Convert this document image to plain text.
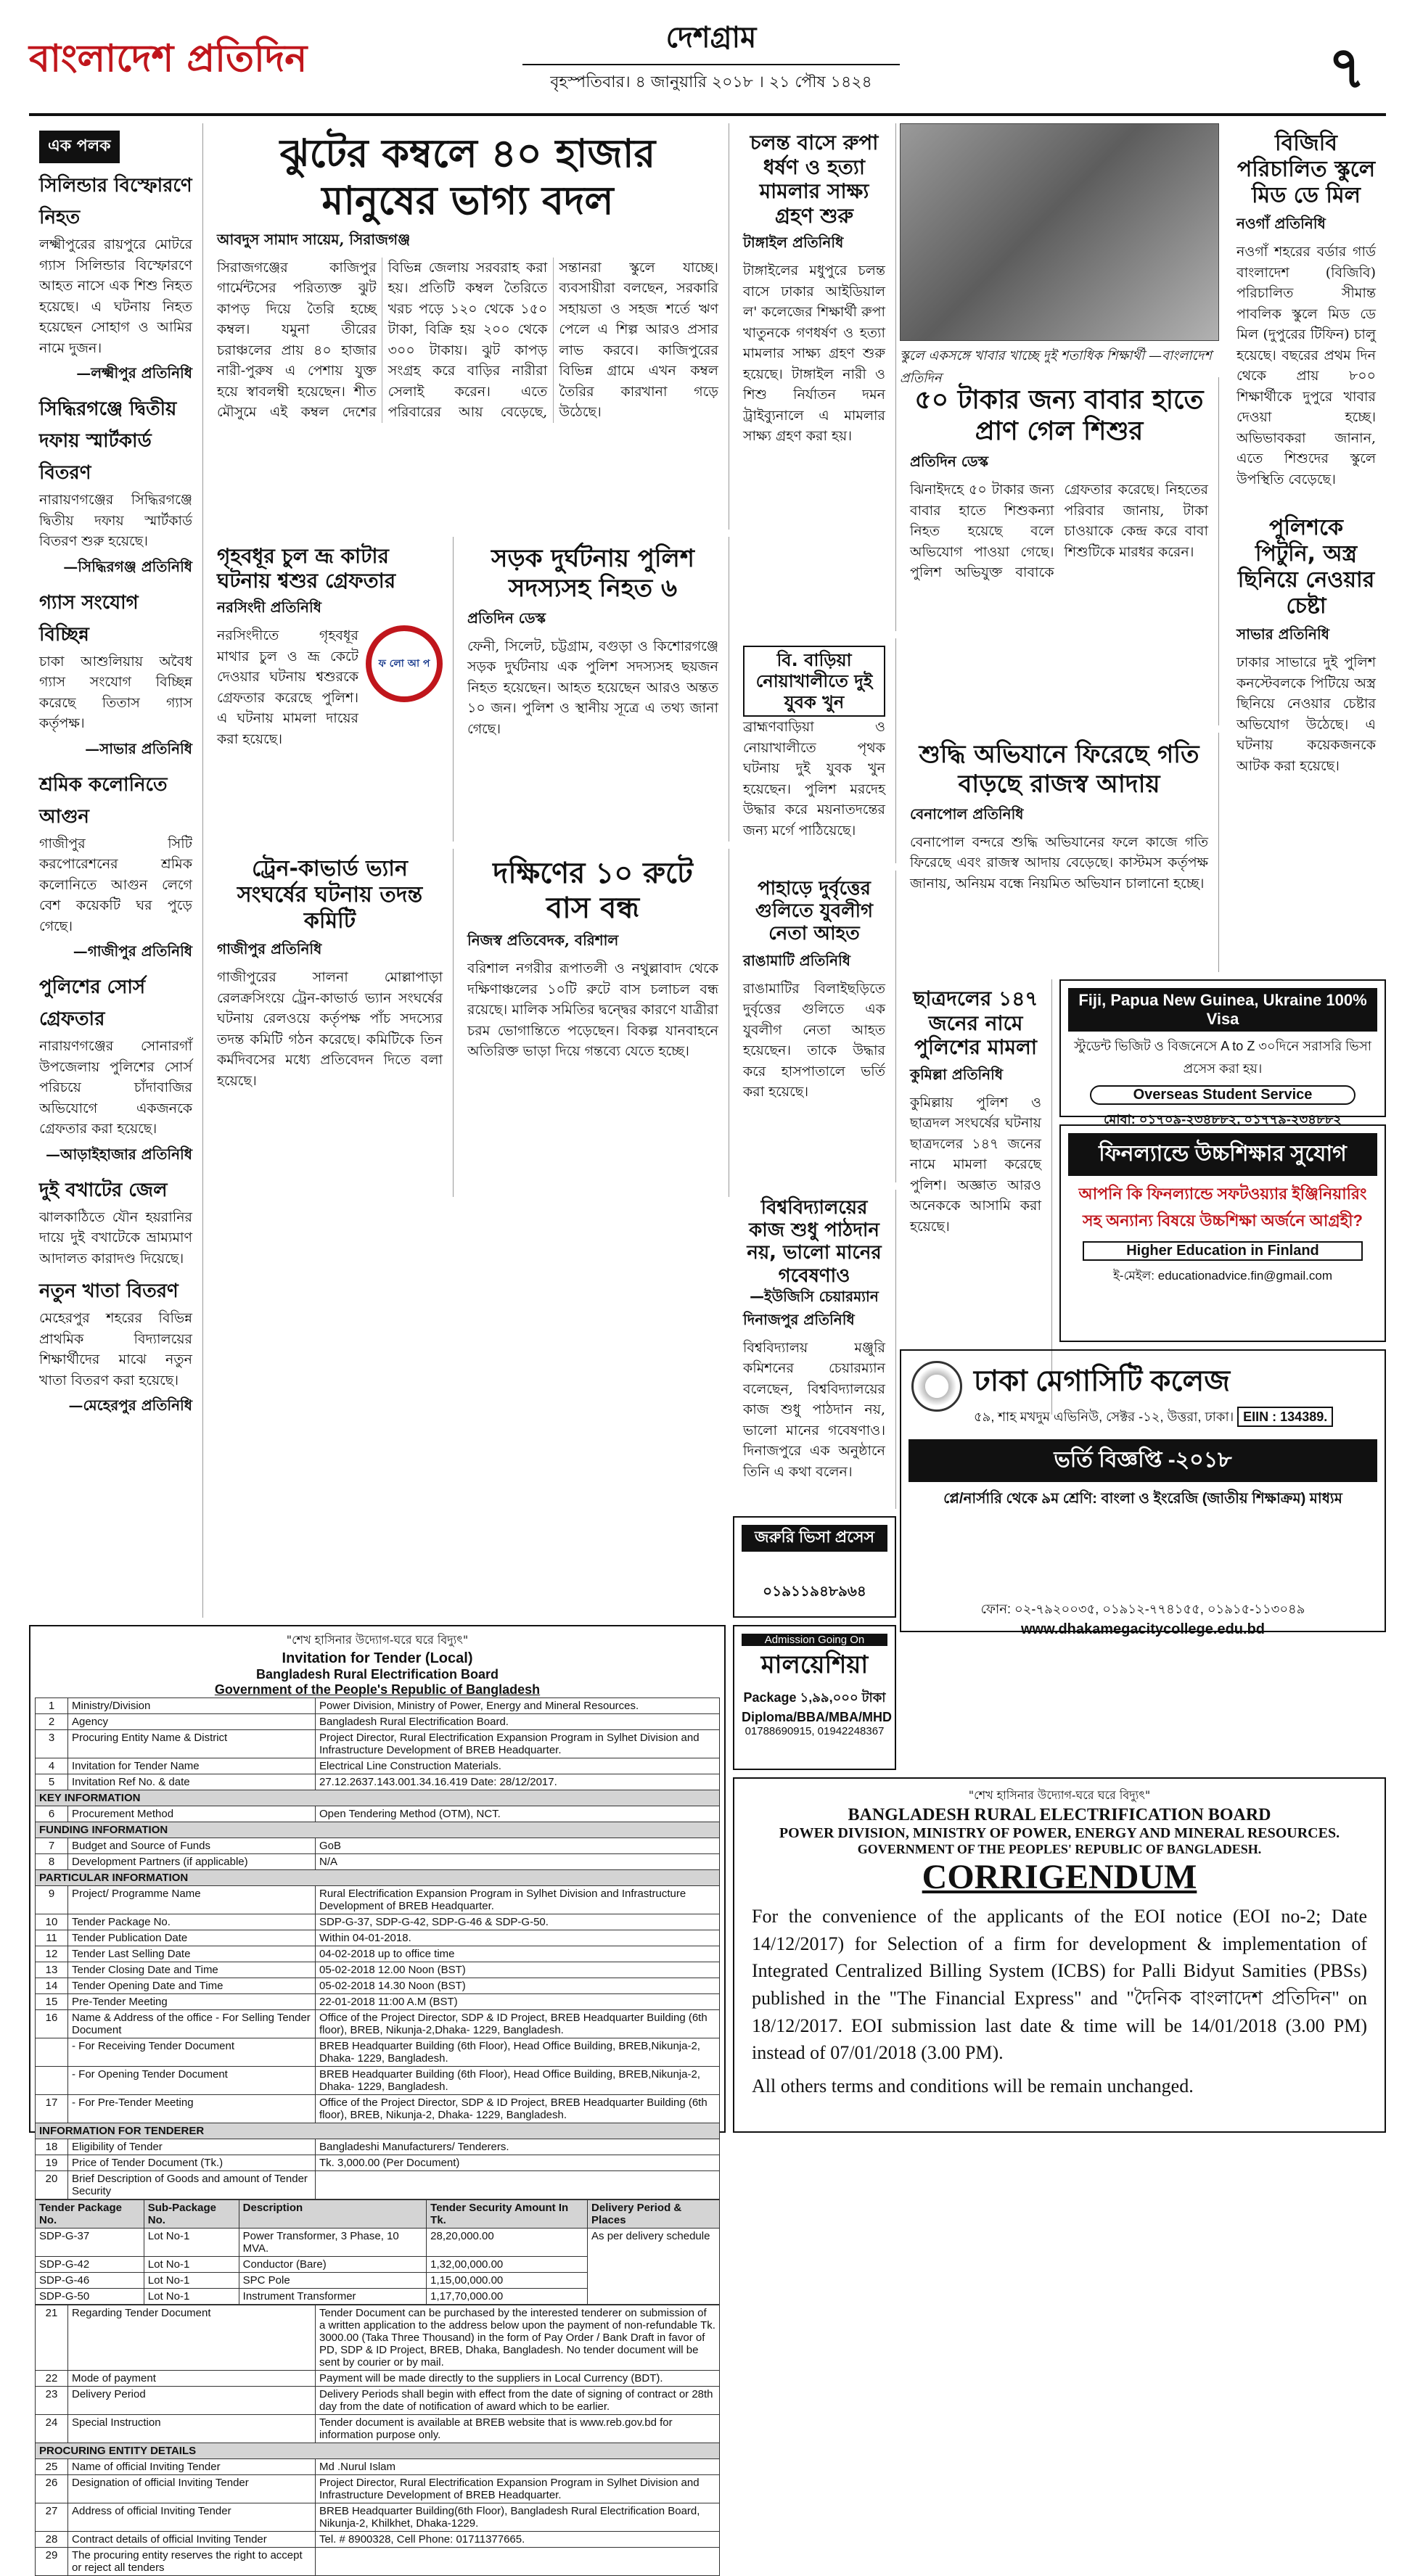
বাংলাদেশ প্রতিদিন	দেশগ্রাম
বৃহস্পতিবার। ৪ জানুয়ারি ২০১৮ । ২১ পৌষ ১৪২৪	৭
এক পলক
সিলিন্ডার বিস্ফোরণে নিহত
লক্ষ্মীপুরের রায়পুরে মোটরে গ্যাস সিলিন্ডার বিস্ফোরণে আহত নাসে এক শিশু নিহত হয়েছে। এ ঘটনায় নিহত হয়েছেন সোহাগ ও আমির নামে দুজন।
—লক্ষ্মীপুর প্রতিনিধি
সিদ্ধিরগঞ্জে দ্বিতীয় দফায় স্মার্টকার্ড বিতরণ
নারায়ণগঞ্জের সিদ্ধিরগঞ্জে দ্বিতীয় দফায় স্মার্টকার্ড বিতরণ শুরু হয়েছে।
—সিদ্ধিরগঞ্জ প্রতিনিধি
গ্যাস সংযোগ বিচ্ছিন্ন
চাকা আশুলিয়ায় অবৈধ গ্যাস সংযোগ বিচ্ছিন্ন করেছে তিতাস গ্যাস কর্তৃপক্ষ।
—সাভার প্রতিনিধি
শ্রমিক কলোনিতে আগুন
গাজীপুর সিটি করপোরেশনের শ্রমিক কলোনিতে আগুন লেগে বেশ কয়েকটি ঘর পুড়ে গেছে।
—গাজীপুর প্রতিনিধি
পুলিশের সোর্স গ্রেফতার
নারায়ণগঞ্জের সোনারগাঁ উপজেলায় পুলিশের সোর্স পরিচয়ে চাঁদাবাজির অভিযোগে একজনকে গ্রেফতার করা হয়েছে।
—আড়াইহাজার প্রতিনিধি
দুই বখাটের জেল
ঝালকাঠিতে যৌন হয়রানির দায়ে দুই বখাটেকে ভ্রাম্যমাণ আদালত কারাদণ্ড দিয়েছে।
নতুন খাতা বিতরণ
মেহেরপুর শহরের বিভিন্ন প্রাথমিক বিদ্যালয়ের শিক্ষার্থীদের মাঝে নতুন খাতা বিতরণ করা হয়েছে।
—মেহেরপুর প্রতিনিধি
ঝুটের কম্বলে ৪০ হাজার মানুষের ভাগ্য বদল
আবদুস সামাদ সায়েম, সিরাজগঞ্জ
সিরাজগঞ্জের কাজিপুর গার্মেন্টসের পরিত্যক্ত ঝুট কাপড় দিয়ে তৈরি হচ্ছে কম্বল। যমুনা তীরের চরাঞ্চলের প্রায় ৪০ হাজার নারী-পুরুষ এ পেশায় যুক্ত হয়ে স্বাবলম্বী হয়েছেন। শীত মৌসুমে এই কম্বল দেশের বিভিন্ন জেলায় সরবরাহ করা হয়। প্রতিটি কম্বল তৈরিতে খরচ পড়ে ১২০ থেকে ১৫০ টাকা, বিক্রি হয় ২০০ থেকে ৩০০ টাকায়। ঝুট কাপড় সংগ্রহ করে বাড়ির নারীরা সেলাই করেন। এতে পরিবারের আয় বেড়েছে, সন্তানরা স্কুলে যাচ্ছে। ব্যবসায়ীরা বলছেন, সরকারি সহায়তা ও সহজ শর্তে ঋণ পেলে এ শিল্প আরও প্রসার লাভ করবে। কাজিপুরের বিভিন্ন গ্রামে এখন কম্বল তৈরির কারখানা গড়ে উঠেছে।
চলন্ত বাসে রুপা ধর্ষণ ও হত্যা মামলার সাক্ষ্য গ্রহণ শুরু
টাঙ্গাইল প্রতিনিধি
টাঙ্গাইলের মধুপুরে চলন্ত বাসে ঢাকার আইডিয়াল ল' কলেজের শিক্ষার্থী রুপা খাতুনকে গণধর্ষণ ও হত্যা মামলার সাক্ষ্য গ্রহণ শুরু হয়েছে। টাঙ্গাইল নারী ও শিশু নির্যাতন দমন ট্রাইব্যুনালে এ মামলার সাক্ষ্য গ্রহণ করা হয়।
স্কুলে একসঙ্গে খাবার খাচ্ছে দুই শতাধিক শিক্ষার্থী —বাংলাদেশ প্রতিদিন
বিজিবি পরিচালিত স্কুলে মিড ডে মিল
নওগাঁ প্রতিনিধি
নওগাঁ শহরের বর্ডার গার্ড বাংলাদেশ (বিজিবি) পরিচালিত সীমান্ত পাবলিক স্কুলে মিড ডে মিল (দুপুরের টিফিন) চালু হয়েছে। বছরের প্রথম দিন থেকে প্রায় ৮০০ শিক্ষার্থীকে দুপুরে খাবার দেওয়া হচ্ছে। অভিভাবকরা জানান, এতে শিশুদের স্কুলে উপস্থিতি বেড়েছে।
৫০ টাকার জন্য বাবার হাতে প্রাণ গেল শিশুর
প্রতিদিন ডেস্ক
ঝিনাইদহে ৫০ টাকার জন্য বাবার হাতে শিশুকন্যা নিহত হয়েছে বলে অভিযোগ পাওয়া গেছে। পুলিশ অভিযুক্ত বাবাকে গ্রেফতার করেছে। নিহতের পরিবার জানায়, টাকা চাওয়াকে কেন্দ্র করে বাবা শিশুটিকে মারধর করেন।
পুলিশকে পিটুনি, অস্ত্র ছিনিয়ে নেওয়ার চেষ্টা
সাভার প্রতিনিধি
ঢাকার সাভারে দুই পুলিশ কনস্টেবলকে পিটিয়ে অস্ত্র ছিনিয়ে নেওয়ার চেষ্টার অভিযোগ উঠেছে। এ ঘটনায় কয়েকজনকে আটক করা হয়েছে।
গৃহবধূর চুল ভ্রূ কাটার ঘটনায় শ্বশুর গ্রেফতার
নরসিংদী প্রতিনিধি
নরসিংদীতে গৃহবধূর মাথার চুল ও ভ্রূ কেটে দেওয়ার ঘটনায় শ্বশুরকে গ্রেফতার করেছে পুলিশ। এ ঘটনায় মামলা দায়ের করা হয়েছে।
ফ লো আ প
সড়ক দুর্ঘটনায় পুলিশ সদস্যসহ নিহত ৬
প্রতিদিন ডেস্ক
ফেনী, সিলেট, চট্টগ্রাম, বগুড়া ও কিশোরগঞ্জে সড়ক দুর্ঘটনায় এক পুলিশ সদস্যসহ ছয়জন নিহত হয়েছেন। আহত হয়েছেন আরও অন্তত ১০ জন। পুলিশ ও স্থানীয় সূত্রে এ তথ্য জানা গেছে।
বি. বাড়িয়া নোয়াখালীতে দুই যুবক খুন
ব্রাহ্মণবাড়িয়া ও নোয়াখালীতে পৃথক ঘটনায় দুই যুবক খুন হয়েছেন। পুলিশ মরদেহ উদ্ধার করে ময়নাতদন্তের জন্য মর্গে পাঠিয়েছে।
শুদ্ধি অভিযানে ফিরেছে গতি বাড়ছে রাজস্ব আদায়
বেনাপোল প্রতিনিধি
বেনাপোল বন্দরে শুদ্ধি অভিযানের ফলে কাজে গতি ফিরেছে এবং রাজস্ব আদায় বেড়েছে। কাস্টমস কর্তৃপক্ষ জানায়, অনিয়ম বন্ধে নিয়মিত অভিযান চালানো হচ্ছে।
ট্রেন-কাভার্ড ভ্যান সংঘর্ষের ঘটনায় তদন্ত কমিটি
গাজীপুর প্রতিনিধি
গাজীপুরের সালনা মোল্লাপাড়া রেলক্রসিংয়ে ট্রেন-কাভার্ড ভ্যান সংঘর্ষের ঘটনায় রেলওয়ে কর্তৃপক্ষ পাঁচ সদস্যের তদন্ত কমিটি গঠন করেছে। কমিটিকে তিন কর্মদিবসের মধ্যে প্রতিবেদন দিতে বলা হয়েছে।
দক্ষিণের ১০ রুটে বাস বন্ধ
নিজস্ব প্রতিবেদক, বরিশাল
বরিশাল নগরীর রূপাতলী ও নথুল্লাবাদ থেকে দক্ষিণাঞ্চলের ১০টি রুটে বাস চলাচল বন্ধ রয়েছে। মালিক সমিতির দ্বন্দ্বের কারণে যাত্রীরা চরম ভোগান্তিতে পড়েছেন। বিকল্প যানবাহনে অতিরিক্ত ভাড়া দিয়ে গন্তব্যে যেতে হচ্ছে।
পাহাড়ে দুর্বৃত্তের গুলিতে যুবলীগ নেতা আহত
রাঙামাটি প্রতিনিধি
রাঙামাটির বিলাইছড়িতে দুর্বৃত্তের গুলিতে এক যুবলীগ নেতা আহত হয়েছেন। তাকে উদ্ধার করে হাসপাতালে ভর্তি করা হয়েছে।
ছাত্রদলের ১৪৭ জনের নামে পুলিশের মামলা
কুমিল্লা প্রতিনিধি
কুমিল্লায় পুলিশ ও ছাত্রদল সংঘর্ষের ঘটনায় ছাত্রদলের ১৪৭ জনের নামে মামলা করেছে পুলিশ। অজ্ঞাত আরও অনেককে আসামি করা হয়েছে।
Fiji, Papua New Guinea, Ukraine 100% Visa
স্টুডেন্ট ভিজিট ও বিজনেসে A to Z ৩০দিনে সরাসরি ভিসা প্রসেস করা হয়।
Overseas Student Service
মোবা: ০১৭০৯-২৩৪৮৮২, ০১৭৭৯-২৩৪৮৮২
বিশ্ববিদ্যালয়ের কাজ শুধু পাঠদান নয়, ভালো মানের গবেষণাও
—ইউজিসি চেয়ারম্যান
দিনাজপুর প্রতিনিধি
বিশ্ববিদ্যালয় মঞ্জুরি কমিশনের চেয়ারম্যান বলেছেন, বিশ্ববিদ্যালয়ের কাজ শুধু পাঠদান নয়, ভালো মানের গবেষণাও। দিনাজপুরে এক অনুষ্ঠানে তিনি এ কথা বলেন।
ফিনল্যান্ডে উচ্চশিক্ষার সুযোগ
আপনি কি ফিনল্যান্ডে সফটওয়্যার ইঞ্জিনিয়ারিং সহ অন্যান্য বিষয়ে উচ্চশিক্ষা অর্জনে আগ্রহী?
Higher Education in Finland
ই-মেইল: educationadvice.fin@gmail.com
জরুরি ভিসা প্রসেস
০১৯১১৯৪৮৯৬৪
Admission Going On
মালয়েশিয়া
Package ১,৯৯,০০০ টাকা
Diploma/BBA/MBA/MHD
01788690915, 01942248367
ঢাকা মেগাসিটি কলেজ
৫৯, শাহ মখদুম এভিনিউ, সেক্টর -১২, উত্তরা, ঢাকা। EIIN : 134389.
ভর্তি বিজ্ঞপ্তি -২০১৮
প্লে/নার্সারি থেকে ৯ম শ্রেণি: বাংলা ও ইংরেজি (জাতীয় শিক্ষাক্রম) মাধ্যম
ফোন: ০২-৭৯২০০৩৫, ০১৯১২-৭৭৪১৫৫, ০১৯১৫-১১৩০৪৯
www.dhakamegacitycollege.edu.bd
"শেখ হাসিনার উদ্যোগ-ঘরে ঘরে বিদ্যুৎ"
Invitation for Tender (Local)
Bangladesh Rural Electrification Board
Government of the People's Republic of Bangladesh
1	Ministry/Division	Power Division, Ministry of Power, Energy and Mineral Resources.
2	Agency	Bangladesh Rural Electrification Board.
3	Procuring Entity Name & District	Project Director, Rural Electrification Expansion Program in Sylhet Division and Infrastructure Development of BREB Headquarter.
4	Invitation for Tender Name	Electrical Line Construction Materials.
5	Invitation Ref No. & date	27.12.2637.143.001.34.16.419 Date: 28/12/2017.
KEY INFORMATION		
6	Procurement Method	Open Tendering Method (OTM), NCT.
FUNDING INFORMATION		
7	Budget and Source of Funds	GoB
8	Development Partners (if applicable)	N/A
PARTICULAR INFORMATION		
9	Project/ Programme Name	Rural Electrification Expansion Program in Sylhet Division and Infrastructure Development of BREB Headquarter.
10	Tender Package No.	SDP-G-37, SDP-G-42, SDP-G-46 & SDP-G-50.
11	Tender Publication Date	Within 04-01-2018.
12	Tender Last Selling Date	04-02-2018 up to office time
13	Tender Closing Date and Time	05-02-2018 12.00 Noon (BST)
14	Tender Opening Date and Time	05-02-2018 14.30 Noon (BST)
15	Pre-Tender Meeting	22-01-2018 11:00 A.M (BST)
16	Name & Address of the office - For Selling Tender Document	Office of the Project Director, SDP & ID Project, BREB Headquarter Building (6th floor), BREB, Nikunja-2,Dhaka- 1229, Bangladesh.
	- For Receiving Tender Document	BREB Headquarter Building (6th Floor), Head Office Building, BREB,Nikunja-2, Dhaka- 1229, Bangladesh.
	- For Opening Tender Document	BREB Headquarter Building (6th Floor), Head Office Building, BREB,Nikunja-2, Dhaka- 1229, Bangladesh.
17	- For Pre-Tender Meeting	Office of the Project Director, SDP & ID Project, BREB Headquarter Building (6th floor), BREB, Nikunja-2, Dhaka- 1229, Bangladesh.
INFORMATION FOR TENDERER		
18	Eligibility of Tender	Bangladeshi Manufacturers/ Tenderers.
19	Price of Tender Document (Tk.)	Tk. 3,000.00 (Per Document)
20	Brief Description of Goods and amount of Tender Security	
Tender Package No.	Sub-Package No.	Description	Tender Security Amount In Tk.	Delivery Period & Places
SDP-G-37	Lot No-1	Power Transformer, 3 Phase, 10 MVA.	28,20,000.00	As per delivery schedule
SDP-G-42	Lot No-1	Conductor (Bare)	1,32,00,000.00	
SDP-G-46	Lot No-1	SPC Pole	1,15,00,000.00	
SDP-G-50	Lot No-1	Instrument Transformer	1,17,70,000.00	
21	Regarding Tender Document	Tender Document can be purchased by the interested tenderer on submission of a written application to the address below upon the payment of non-refundable Tk. 3000.00 (Taka Three Thousand) in the form of Pay Order / Bank Draft in favor of PD, SDP & ID Project, BREB, Dhaka, Bangladesh. No tender document will be sent by courier or by mail.
22	Mode of payment	Payment will be made directly to the suppliers in Local Currency (BDT).
23	Delivery Period	Delivery Periods shall begin with effect from the date of signing of contract or 28th day from the date of notification of award which to be earlier.
24	Special Instruction	Tender document is available at BREB website that is www.reb.gov.bd for information purpose only.
PROCURING ENTITY DETAILS		
25	Name of official Inviting Tender	Md .Nurul Islam
26	Designation of official Inviting Tender	Project Director, Rural Electrification Expansion Program in Sylhet Division and Infrastructure Development of BREB Headquarter.
27	Address of official Inviting Tender	BREB Headquarter Building(6th Floor), Bangladesh Rural Electrification Board, Nikunja-2, Khilkhet, Dhaka-1229.
28	Contract details of official Inviting Tender	Tel. # 8900328, Cell Phone: 01711377665.
29	The procuring entity reserves the right to accept or reject all tenders	
"শেখ হাসিনার উদ্যোগ-ঘরে ঘরে বিদ্যুৎ"
BANGLADESH RURAL ELECTRIFICATION BOARD
POWER DIVISION, MINISTRY OF POWER, ENERGY AND MINERAL RESOURCES.
GOVERNMENT OF THE PEOPLES' REPUBLIC OF BANGLADESH.
CORRIGENDUM
For the convenience of the applicants of the EOI notice (EOI no-2; Date 14/12/2017) for Selection of a firm for development & implementation of Integrated Centralized Billing System (ICBS) for Palli Bidyut Samities (PBSs) published in the "The Financial Express" and "দৈনিক বাংলাদেশ প্রতিদিন" on 18/12/2017. EOI submission last date & time will be 14/01/2018 (3.00 PM) instead of 07/01/2018 (3.00 PM).
All others terms and conditions will be remain unchanged.
